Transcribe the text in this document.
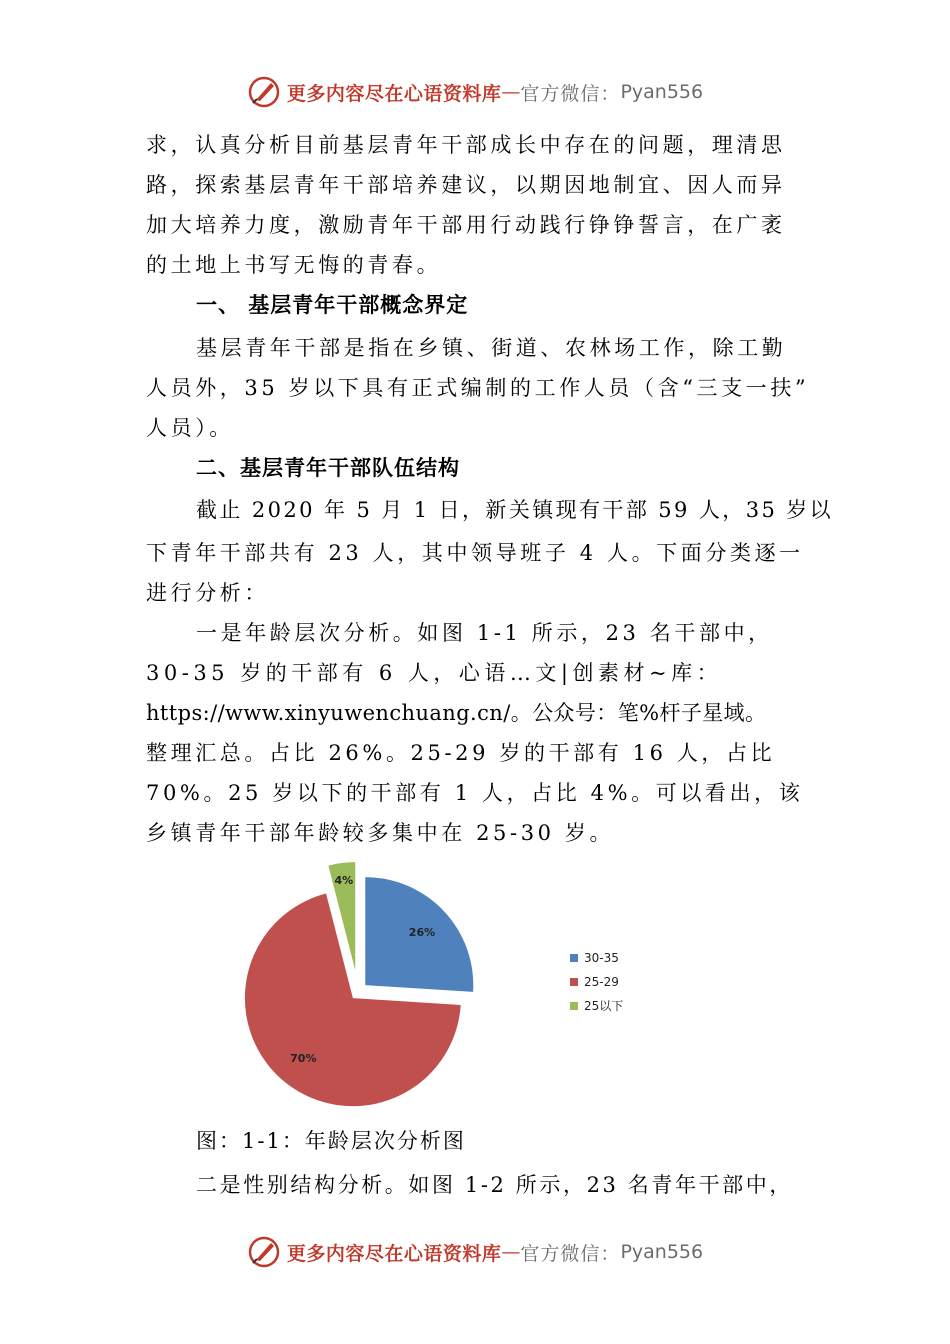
更多内容尽在心语资料库 — 官方微信： Pyan556
求，认真分析目前基层青年干部成长中存在的问题，理清思
路，探索基层青年干部培养建议，以期因地制宜、因人而异
加大培养力度，激励青年干部用行动践行铮铮誓言，在广袤
的土地上书写无悔的青春。
一、 基层青年干部概念界定
基层青年干部是指在乡镇、街道、农林场工作，除工勤
人员外，35 岁以下具有正式编制的工作人员（含“三支一扶”
人员）。
二、基层青年干部队伍结构
截止 2020 年 5 月 1 日，新关镇现有干部 59 人，35 岁以
下青年干部共有 23 人，其中领导班子 4 人。下面分类逐一
进行分析：
一是年龄层次分析。如图 1-1 所示，23 名干部中，
30-35 岁的干部有 6 人，心语…文|创素材~库：
https://www.xinyuwenchuang.cn/。公众号：笔%杆子星域。
整理汇总。占比 26%。25-29 岁的干部有 16 人，占比
70%。25 岁以下的干部有 1 人，占比 4%。可以看出，该
乡镇青年干部年龄较多集中在 25-30 岁。
26%
70%
4%
30-35
25-29
25以下
图：1-1：年龄层次分析图
二是性别结构分析。如图 1-2 所示，23 名青年干部中，
更多内容尽在心语资料库 — 官方微信： Pyan556
